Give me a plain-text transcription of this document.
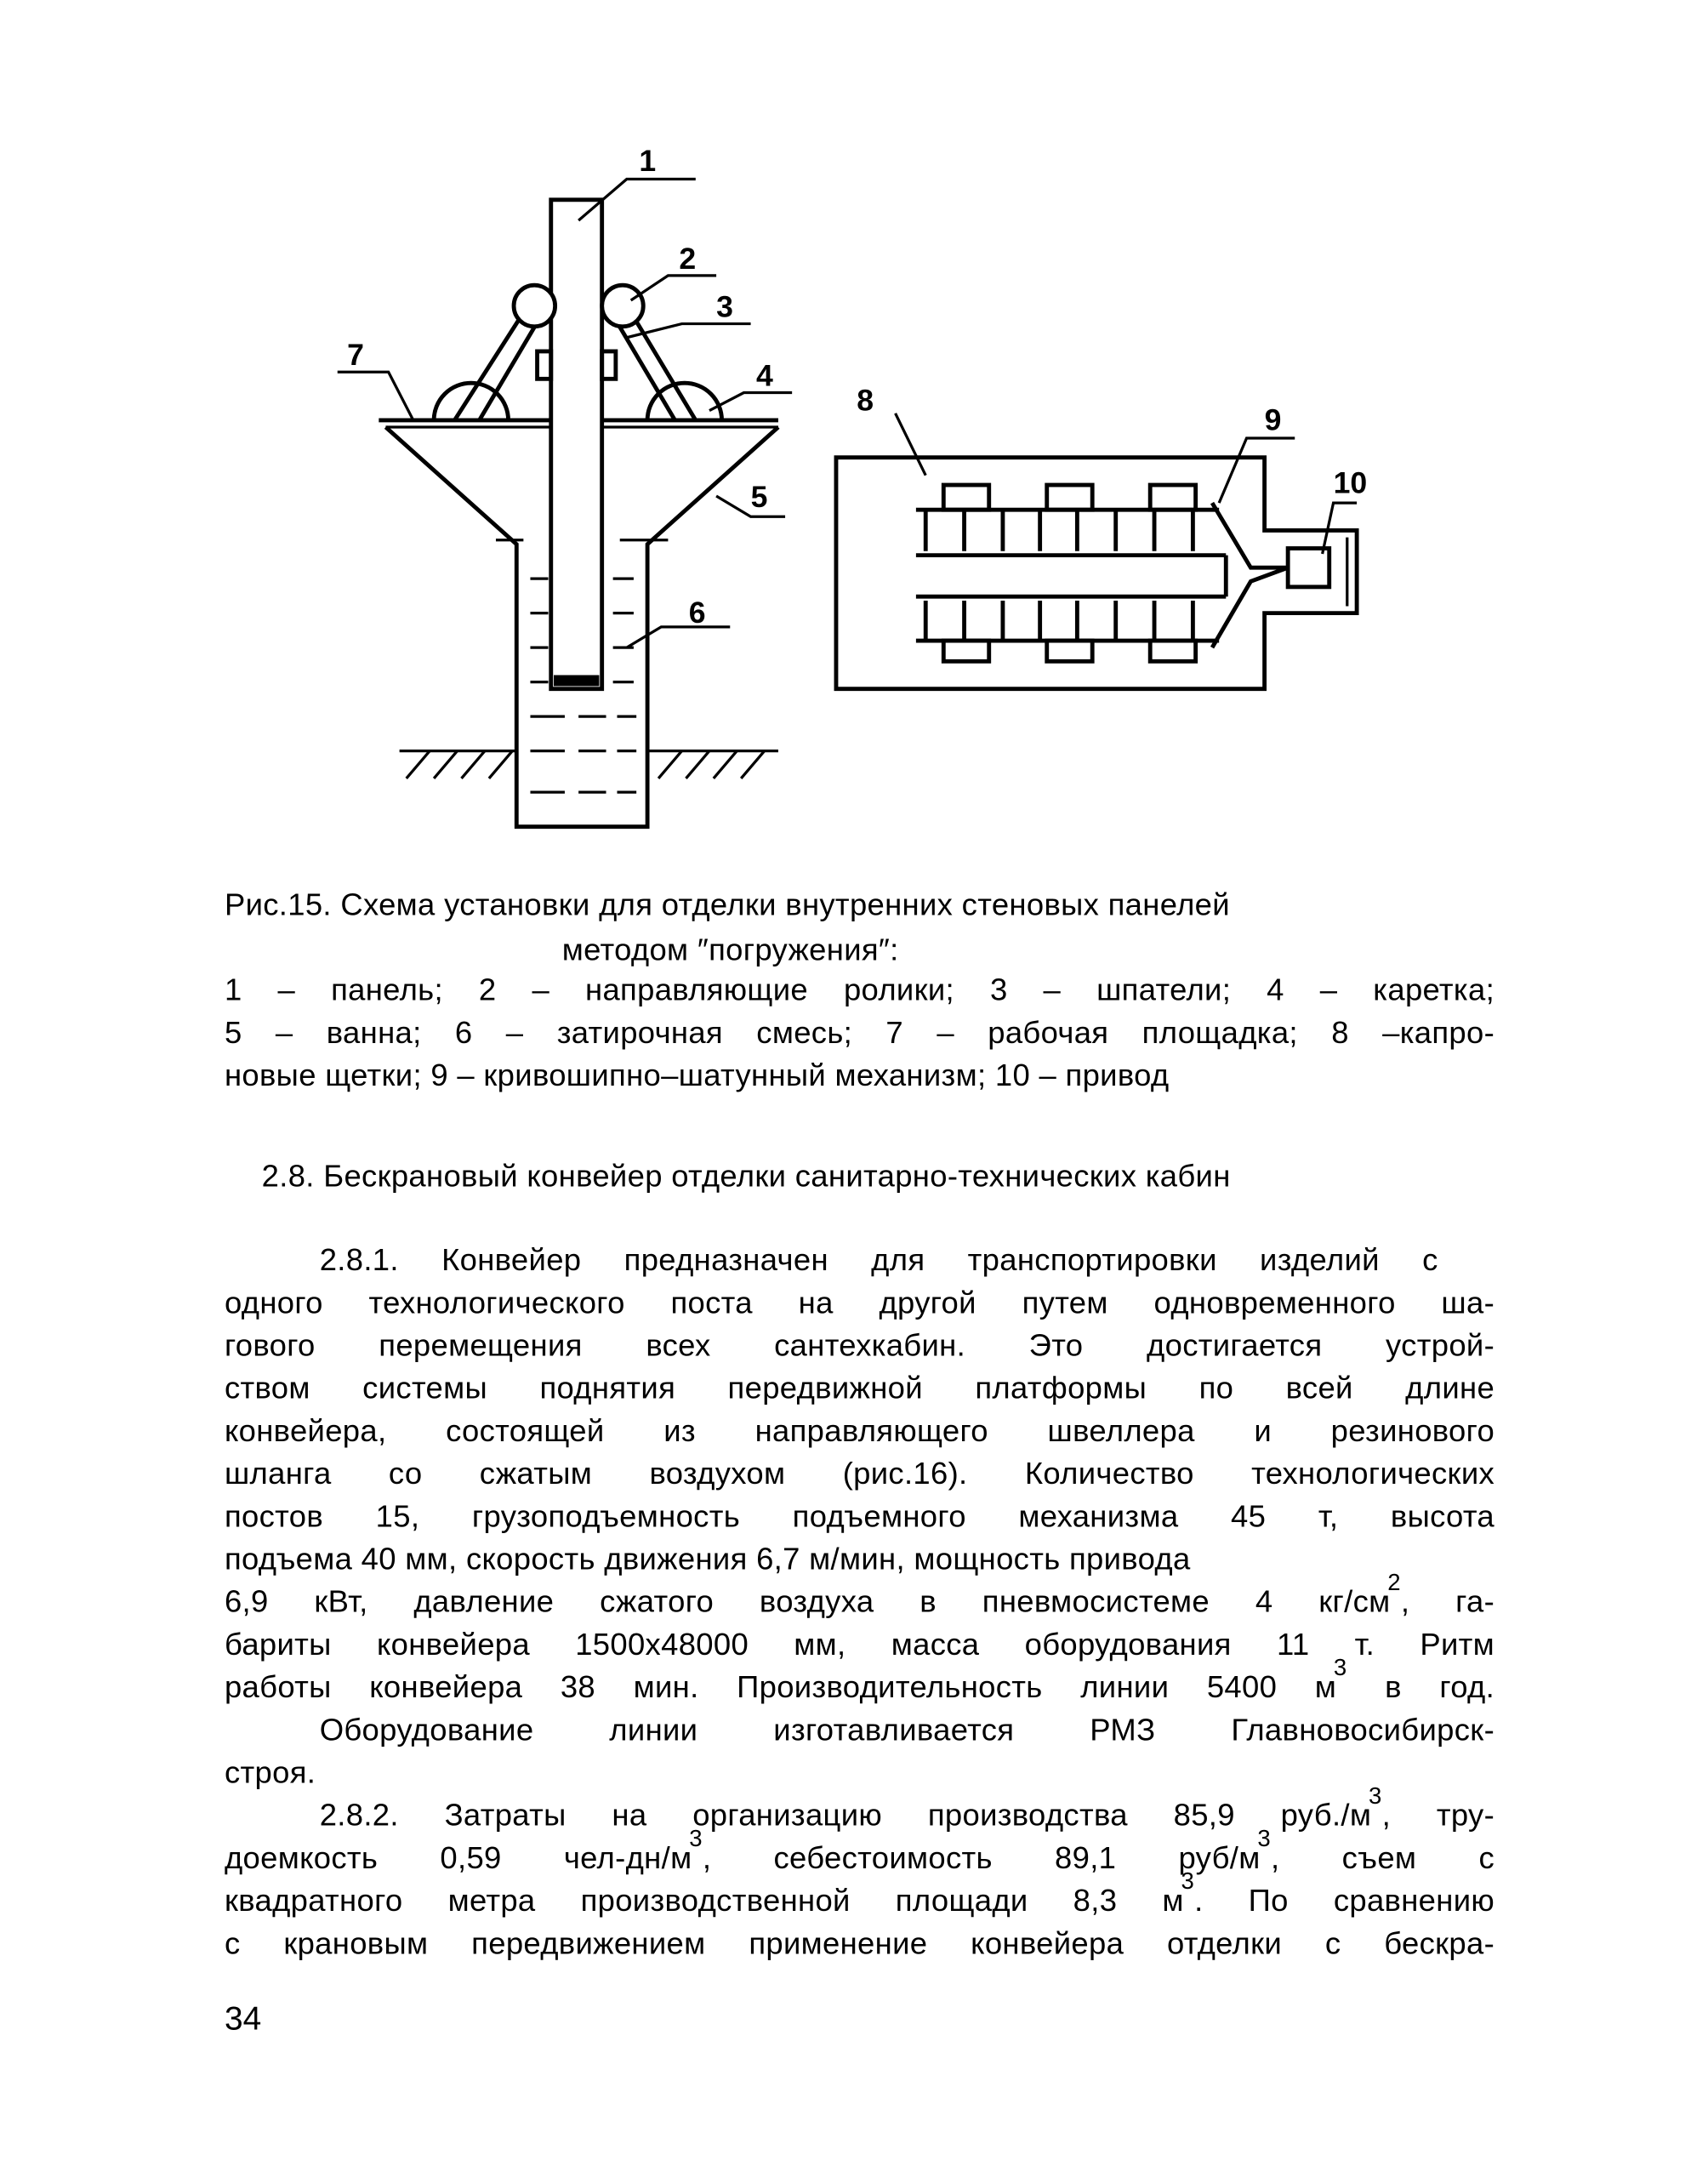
1
2
3
4
5
6
7
8
9
10
Рис.15. Схема установки для отделки внутренних стеновых панелей
методом ″погружения″:
1 – панель; 2 – направляющие ролики; 3 – шпатели; 4 – каретка;
5 – ванна; 6 – затирочная смесь; 7 – рабочая площадка; 8 –капро-
новые щетки; 9 – кривошипно–шатунный механизм; 10 – привод
2.8. Бескрановый конвейер отделки санитарно-технических кабин
2.8.1. Конвейер предназначен для транспортировки изделий с
одного технологического поста на другой путем одновременного ша-
гового перемещения всех сантехкабин. Это достигается устрой-
ством системы поднятия передвижной платформы по всей длине
конвейера, состоящей из направляющего швеллера и резинового
шланга со сжатым воздухом (рис.16). Количество технологических
постов 15, грузоподъемность подъемного механизма 45 т, высота
подъема 40 мм, скорость движения 6,7 м/мин, мощность привода
6,9 кВт, давление сжатого воздуха в пневмосистеме 4 $кг/см^2$, га-
бариты конвейера 1500х48000 мм, масса оборудования 11 т. Ритм
работы конвейера 38 мин. Производительность линии 5400 $м^3$ в год.
Оборудование линии изготавливается РМЗ Главновосибирск-
строя.
2.8.2. Затраты на организацию производства 85,9 $руб./м^3$, тру-
доемкость 0,59 чел-$дн/м^3$, себестоимость 89,1 руб/$м^3$, съем с
квадратного метра производственной площади 8,3 $м^3$. По сравнению
с крановым передвижением применение конвейера отделки с бескра-
34
